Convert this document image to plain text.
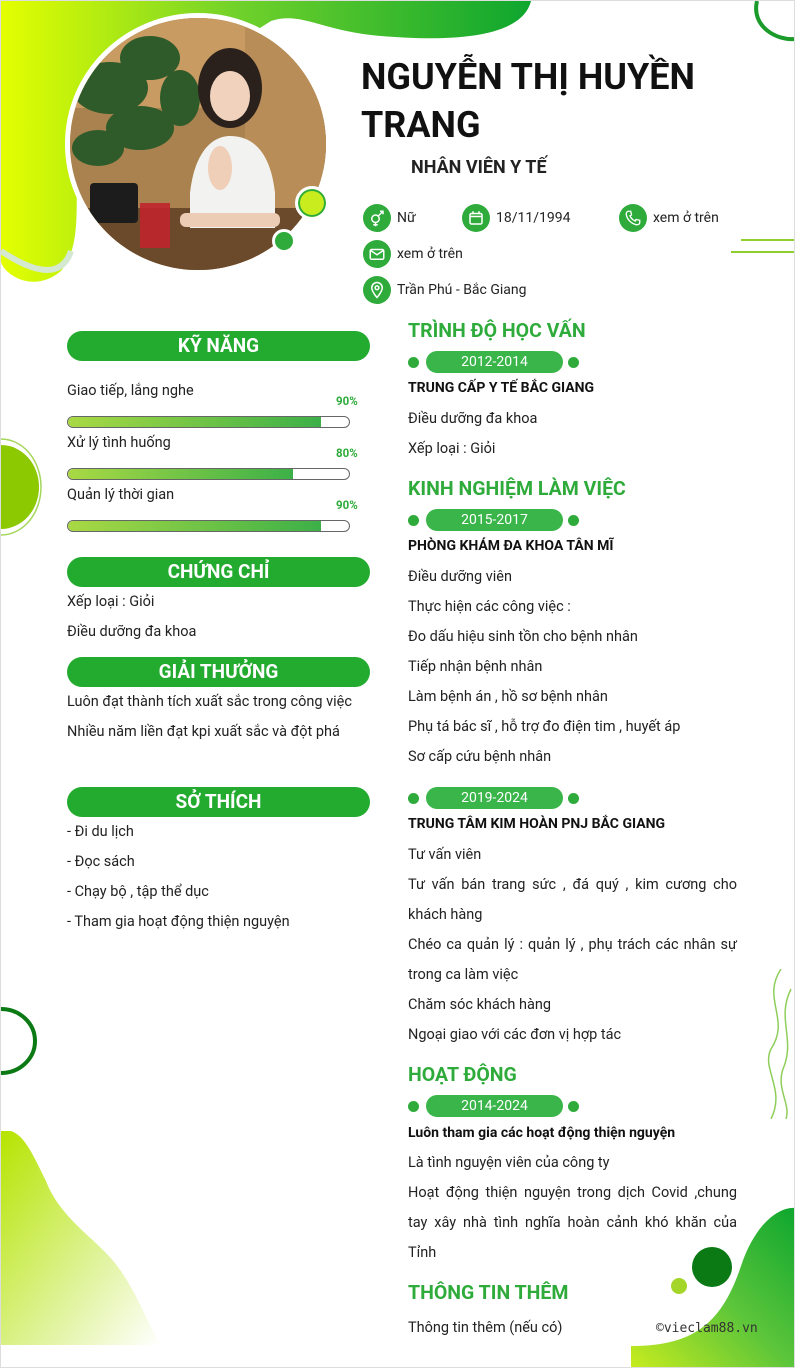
NGUYỄN THỊ HUYỀN TRANG
NHÂN VIÊN Y TẾ
Nữ	18/11/1994	xem ở trên
xem ở trên
Trần Phú - Bắc Giang
KỸ NĂNG
Giao tiếp, lắng nghe
90%
Xử lý tình huống
80%
Quản lý thời gian
90%
CHỨNG CHỈ
Xếp loại : Giỏi
Điều dưỡng đa khoa
GIẢI THƯỞNG
Luôn đạt thành tích xuất sắc trong công việc
Nhiều năm liền đạt kpi xuất sắc và đột phá
SỞ THÍCH
- Đi du lịch
- Đọc sách
- Chạy bộ , tập thể dục
- Tham gia hoạt động thiện nguyện
TRÌNH ĐỘ HỌC VẤN
2012-2014
TRUNG CẤP Y TẾ BẮC GIANG
Điều dưỡng đa khoa
Xếp loại : Giỏi
KINH NGHIỆM LÀM VIỆC
2015-2017
PHÒNG KHÁM ĐA KHOA TÂN MĨ
Điều dưỡng viên
Thực hiện các công việc :
Đo dấu hiệu sinh tồn cho bệnh nhân
Tiếp nhận bệnh nhân
Làm bệnh án , hồ sơ bệnh nhân
Phụ tá bác sĩ , hỗ trợ đo điện tim , huyết áp
Sơ cấp cứu bệnh nhân
2019-2024
TRUNG TÂM KIM HOÀN PNJ BẮC GIANG
Tư vấn viên
Tư vấn bán trang sức , đá quý , kim cương cho khách hàng
Chéo ca quản lý : quản lý , phụ trách các nhân sự trong ca làm việc
Chăm sóc khách hàng
Ngoại giao với các đơn vị hợp tác
HOẠT ĐỘNG
2014-2024
Luôn tham gia các hoạt động thiện nguyện
Là tình nguyện viên của công ty
Hoạt động thiện nguyện trong dịch Covid ,chung tay xây nhà tình nghĩa hoàn cảnh khó khăn của Tỉnh
THÔNG TIN THÊM
Thông tin thêm (nếu có)	©vieclam88.vn
